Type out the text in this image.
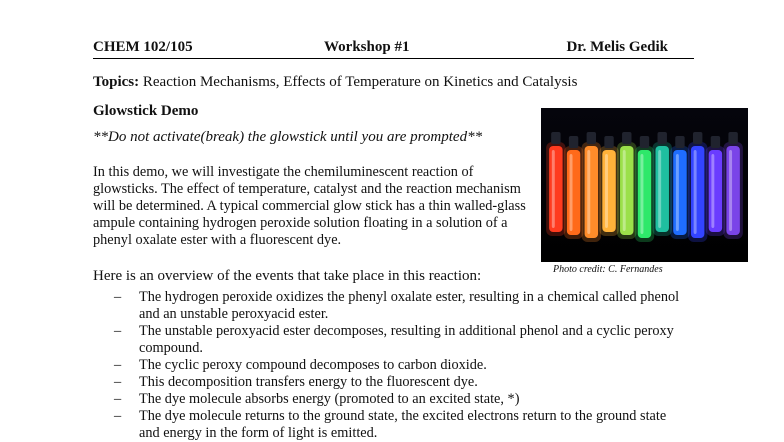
CHEM 102/105	Workshop #1	Dr. Melis Gedik
Topics: Reaction Mechanisms, Effects of Temperature on Kinetics and Catalysis
Glowstick Demo
**Do not activate(break) the glowstick until you are prompted**
In this demo, we will investigate the chemiluminescent reaction of glowsticks. The effect of temperature, catalyst and the reaction mechanism will be determined. A typical commercial glow stick has a thin walled-glass ampule containing hydrogen peroxide solution floating in a solution of a phenyl oxalate ester with a fluorescent dye.
Here is an overview of the events that take place in this reaction:
– The hydrogen peroxide oxidizes the phenyl oxalate ester, resulting in a chemical called phenol and an unstable peroxyacid ester.
– The unstable peroxyacid ester decomposes, resulting in additional phenol and a cyclic peroxy compound.
– The cyclic peroxy compound decomposes to carbon dioxide.
– This decomposition transfers energy to the fluorescent dye.
– The dye molecule absorbs energy (promoted to an excited state, *)
– The dye molecule returns to the ground state, the excited electrons return to the ground state and energy in the form of light is emitted.
Photo credit: C. Fernandes
